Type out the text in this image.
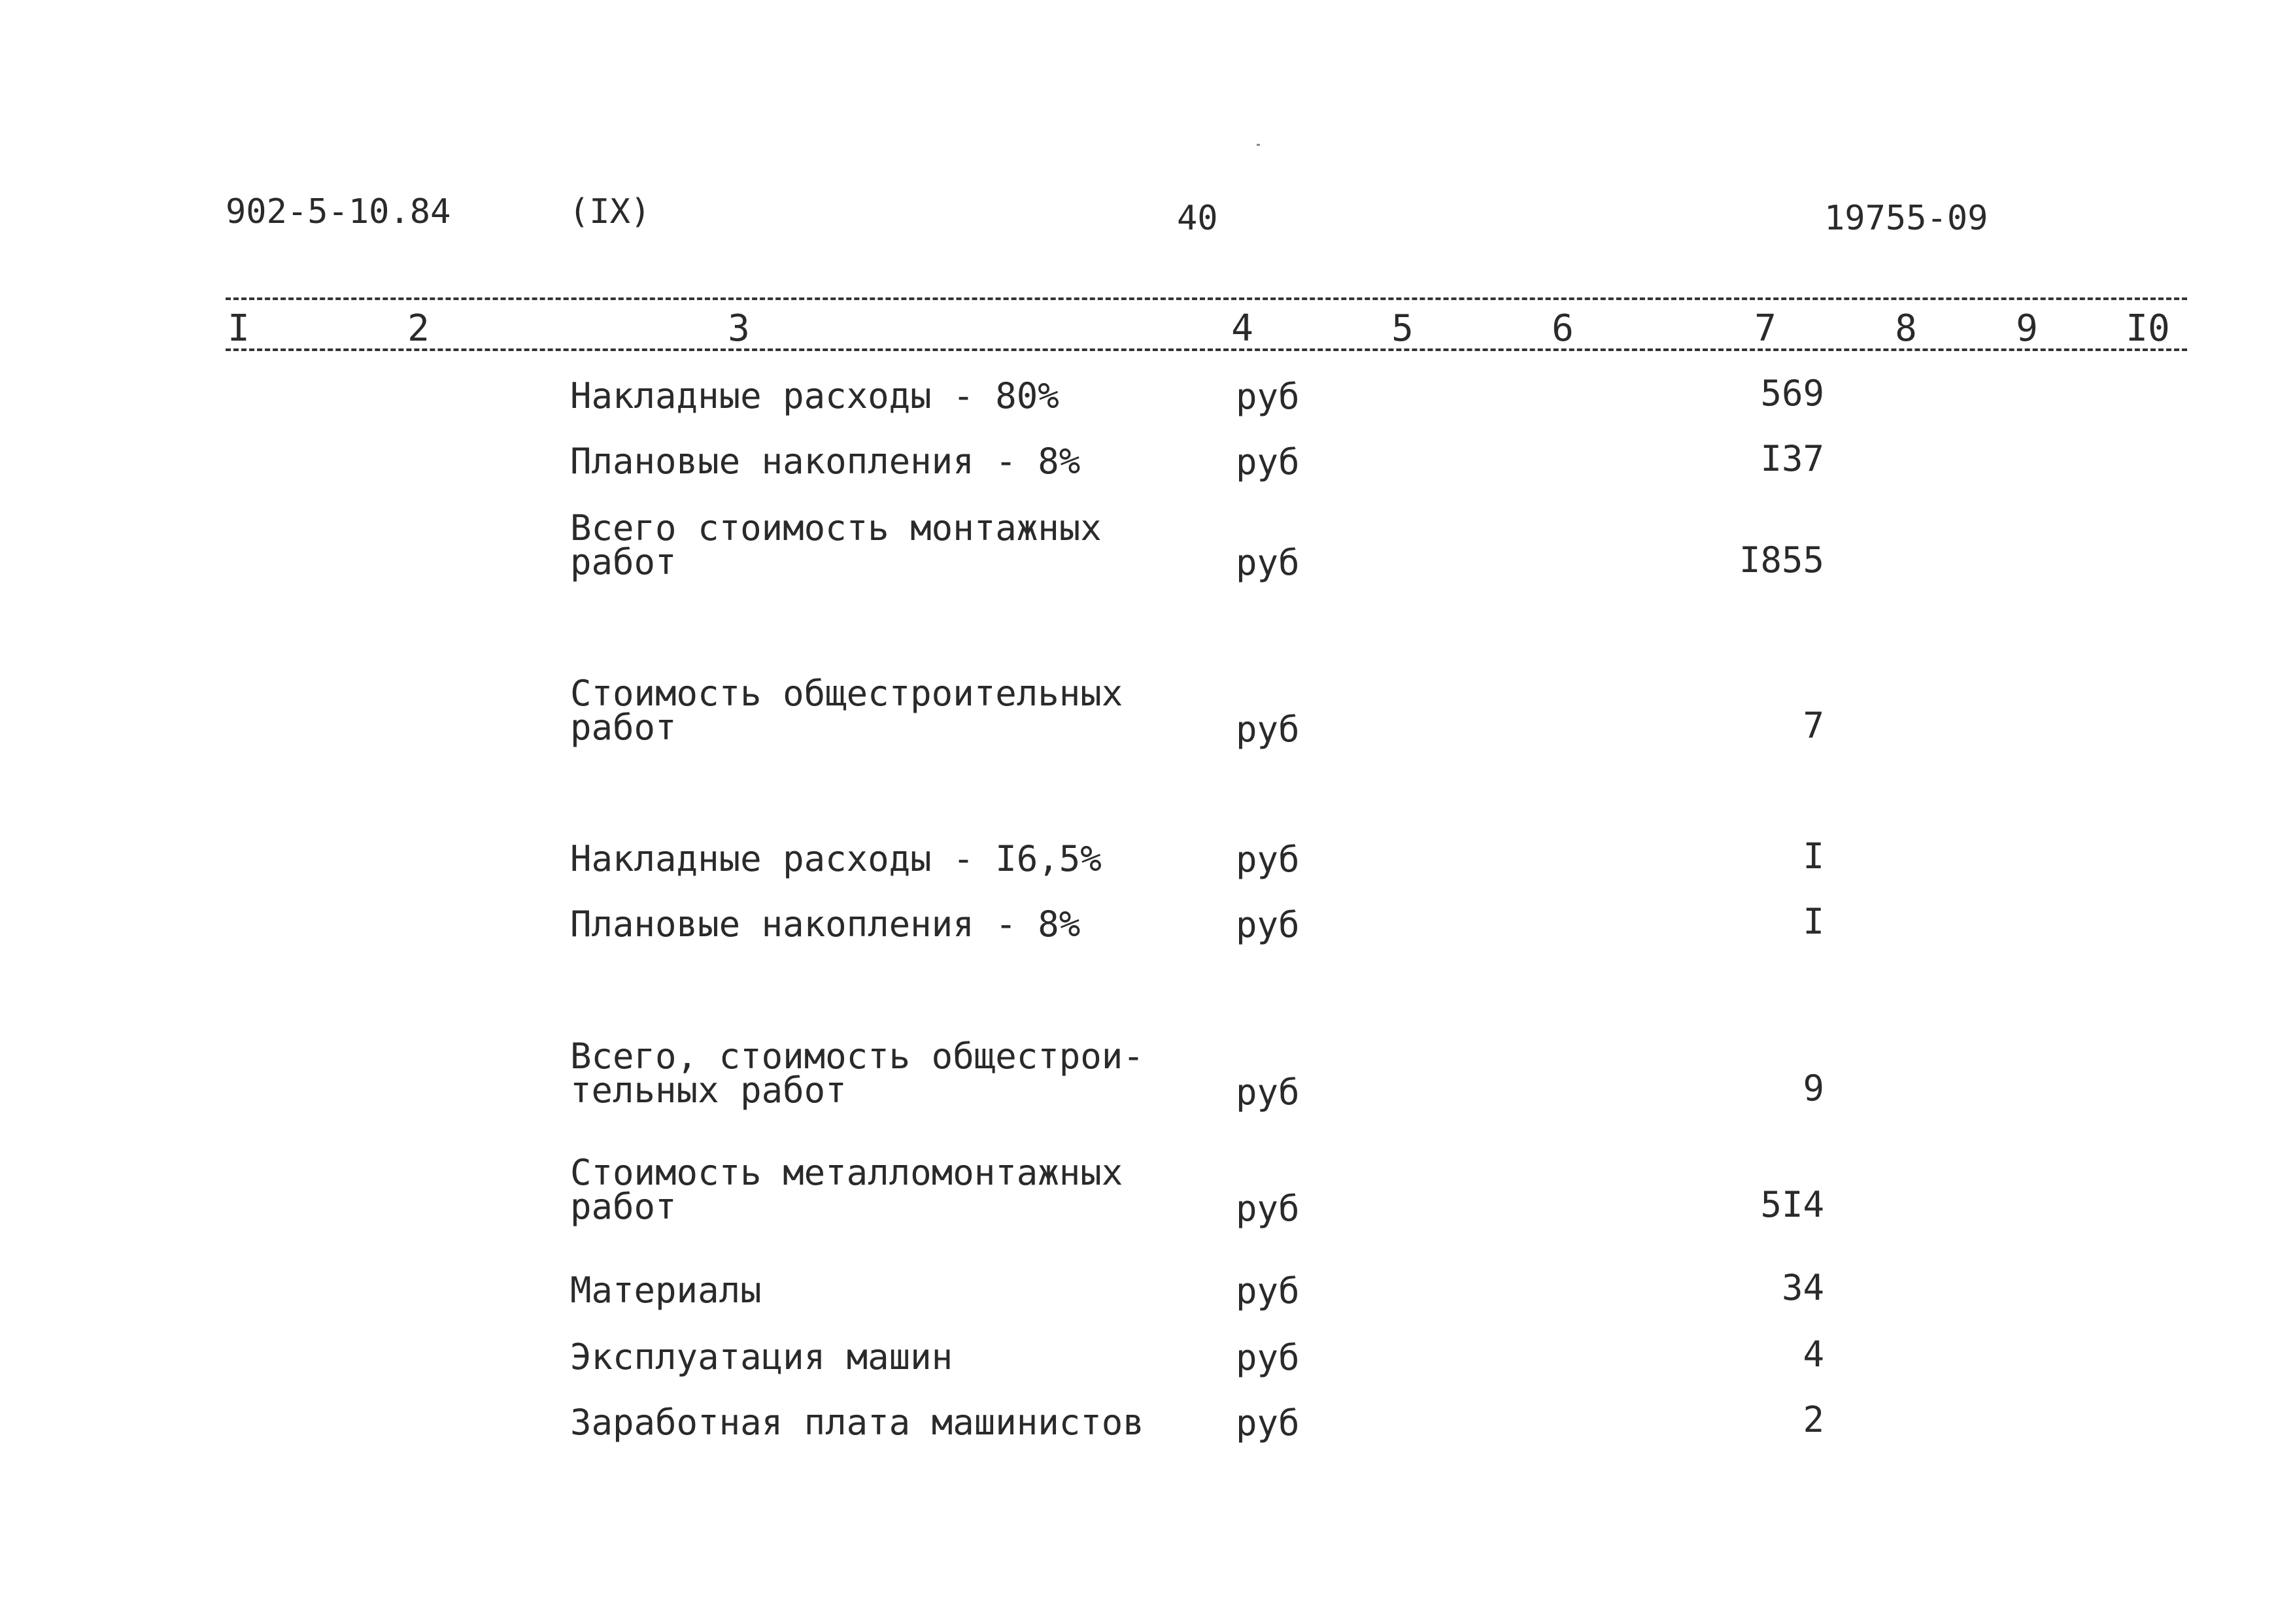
902-5-10.84	(IX)	40	19755-09
I	2	3	4	5	6	7	8	9	I0
Накладные расходы - 80%	руб	569
Плановые накопления - 8%	руб	I37
Всего стоимость монтажных
работ	руб	I855
Стоимость общестроительных
работ	руб	7
Накладные расходы - I6,5%	руб	I
Плановые накопления - 8%	руб	I
Всего, стоимость общестрои-
тельных работ	руб	9
Стоимость металломонтажных
работ	руб	5I4
Материалы	руб	34
Эксплуатация машин	руб	4
Заработная плата машинистов	руб	2
